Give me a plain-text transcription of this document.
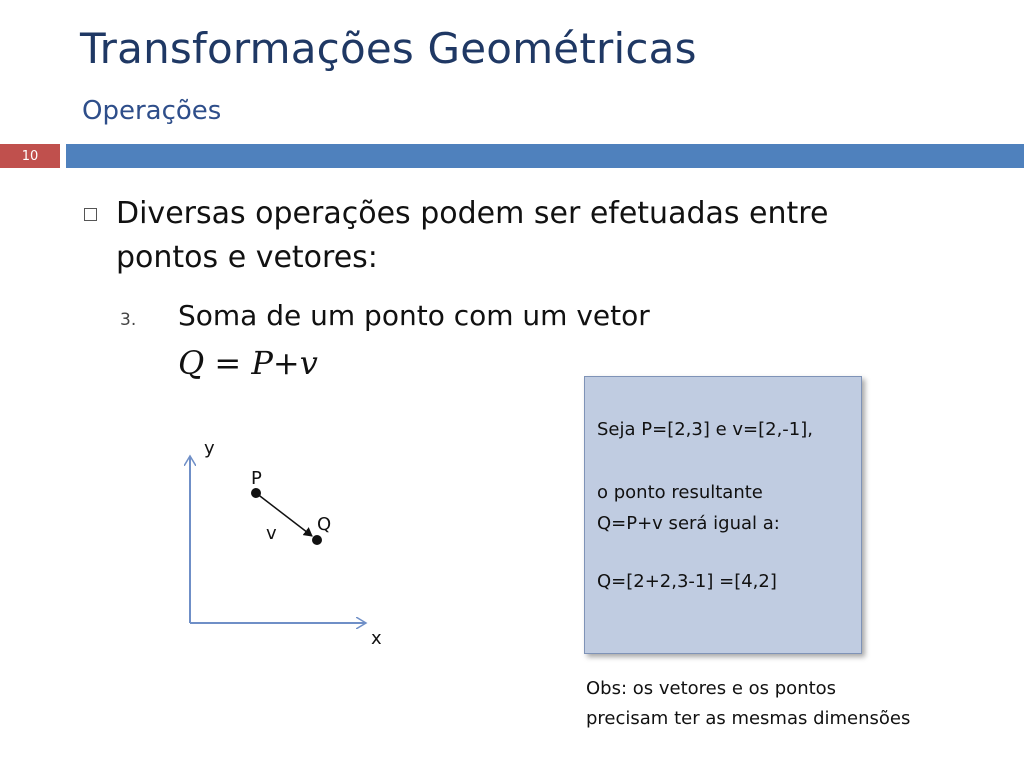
Transformações Geométricas
Operações
10
Diversas operações podem ser efetuadas entre
pontos e vetores:
3. Soma de um ponto com um vetor
Q = P+v
y
x
P
Q
v
Seja P=[2,3] e v=[2,-1],
o ponto resultante
Q=P+v será igual a:
Q=[2+2,3-1] =[4,2]
Obs: os vetores e os pontos
precisam ter as mesmas dimensões
